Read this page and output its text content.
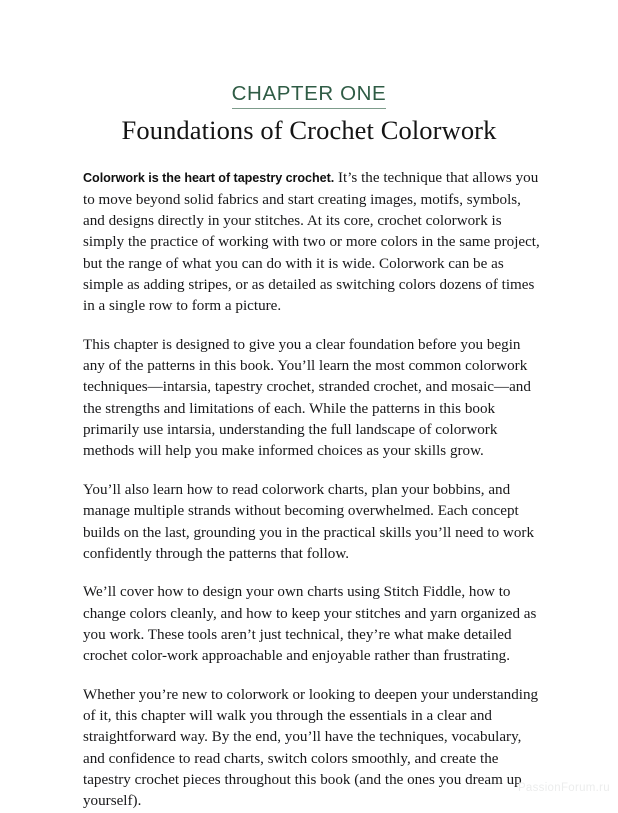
CHAPTER ONE
Foundations of Crochet Colorwork

Colorwork is the heart of tapestry crochet. It’s the technique that allows you to move beyond solid fabrics and start creating images, motifs, symbols, and designs directly in your stitches. At its core, crochet colorwork is simply the practice of working with two or more colors in the same project, but the range of what you can do with it is wide. Colorwork can be as simple as adding stripes, or as detailed as switching colors dozens of times in a single row to form a picture.

This chapter is designed to give you a clear foundation before you begin any of the patterns in this book. You’ll learn the most common colorwork techniques—intarsia, tapestry crochet, stranded crochet, and mosaic—and the strengths and limitations of each. While the patterns in this book primarily use intarsia, understanding the full landscape of colorwork methods will help you make informed choices as your skills grow.

You’ll also learn how to read colorwork charts, plan your bobbins, and manage multiple strands without becoming overwhelmed. Each concept builds on the last, grounding you in the practical skills you’ll need to work confidently through the patterns that follow.

We’ll cover how to design your own charts using Stitch Fiddle, how to change colors cleanly, and how to keep your stitches and yarn organized as you work. These tools aren’t just technical, they’re what make detailed crochet color-work approachable and enjoyable rather than frustrating.

Whether you’re new to colorwork or looking to deepen your understanding of it, this chapter will walk you through the essentials in a clear and straightforward way. By the end, you’ll have the techniques, vocabulary, and confidence to read charts, switch colors smoothly, and create the tapestry crochet pieces throughout this book (and the ones you dream up yourself).

PassionForum.ru
